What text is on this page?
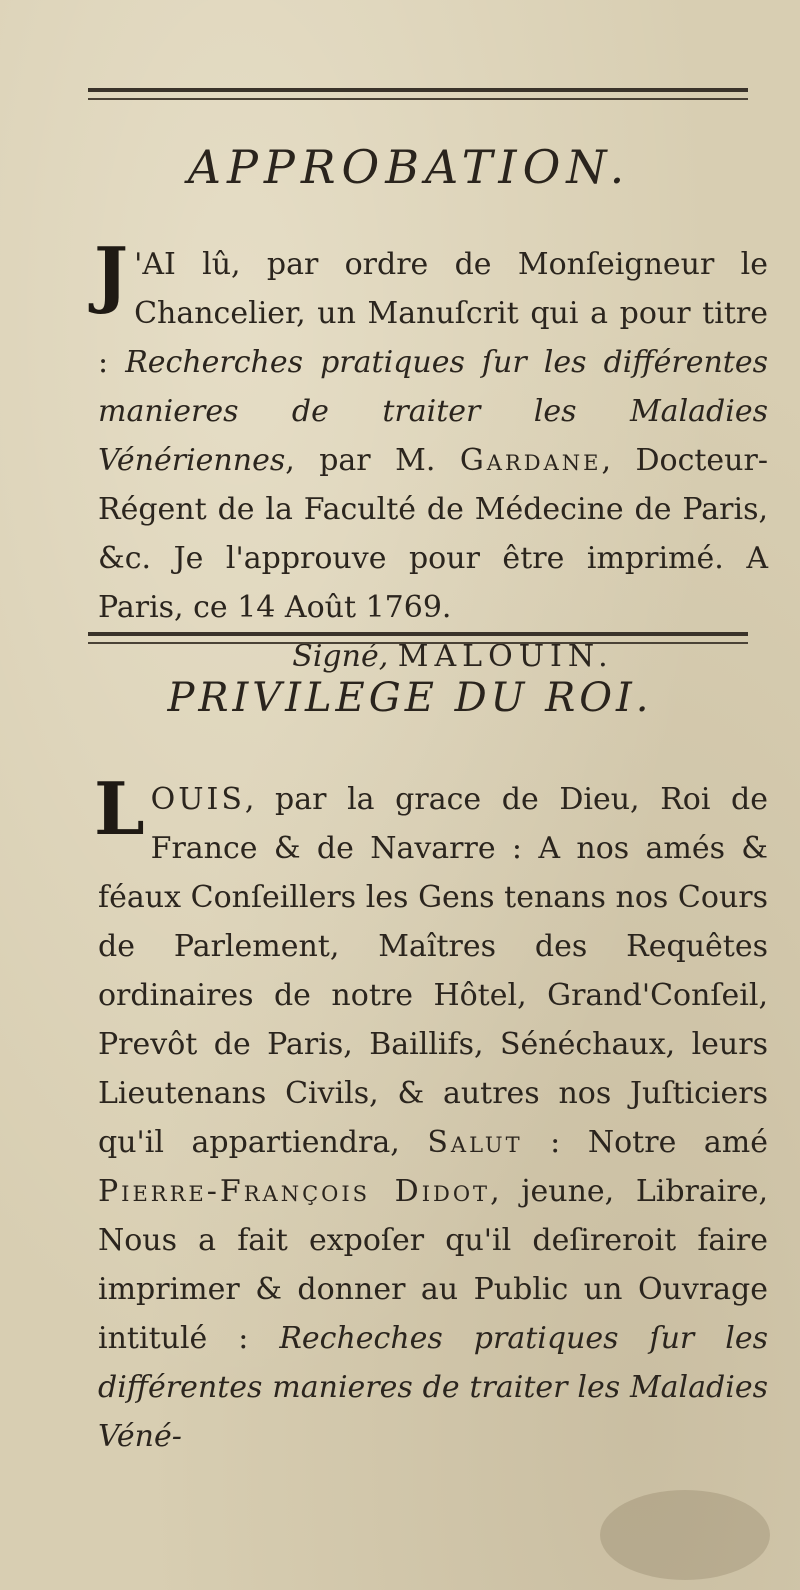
APPROBATION.

J 'AI lû, par ordre de Monſeigneur le Chancelier, un Manuſcrit qui a pour titre : Recherches pratiques ſur les différentes manieres de traiter les Maladies Vénériennes, par M. Gardane, Docteur-Régent de la Faculté de Médecine de Paris, &c. Je l'approuve pour être imprimé. A Paris, ce 14 Août 1769.

Signé, MALOUIN.

PRIVILEGE DU ROI.

LOUIS, par la grace de Dieu, Roi de France & de Navarre : A nos amés & féaux Conſeillers les Gens tenans nos Cours de Parlement, Maîtres des Requêtes ordinaires de notre Hôtel, Grand'Conſeil, Prevôt de Paris, Baillifs, Sénéchaux, leurs Lieutenans Civils, & autres nos Juſticiers qu'il appartiendra, Salut : Notre amé Pierre-François Didot, jeune, Libraire, Nous a fait expoſer qu'il deſireroit faire imprimer & donner au Public un Ouvrage intitulé : Recheches pratiques ſur les différentes manieres de traiter les Maladies Véné-
